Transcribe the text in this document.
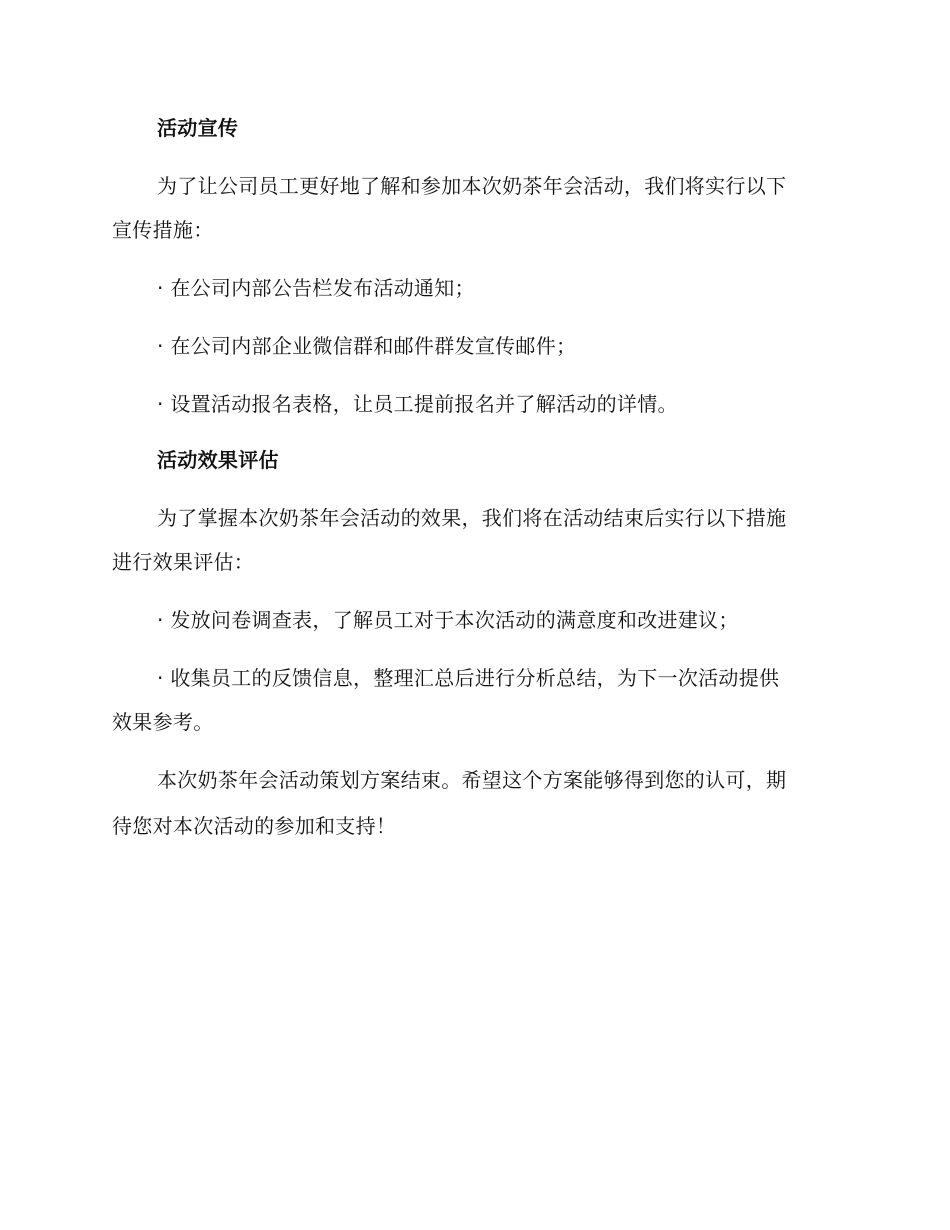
活动宣传
为了让公司员工更好地了解和参加本次奶茶年会活动，我们将实行以下
宣传措施：
· 在公司内部公告栏发布活动通知；
· 在公司内部企业微信群和邮件群发宣传邮件；
· 设置活动报名表格，让员工提前报名并了解活动的详情。
活动效果评估
为了掌握本次奶茶年会活动的效果，我们将在活动结束后实行以下措施
进行效果评估：
· 发放问卷调查表，了解员工对于本次活动的满意度和改进建议；
· 收集员工的反馈信息，整理汇总后进行分析总结，为下一次活动提供
效果参考。
本次奶茶年会活动策划方案结束。希望这个方案能够得到您的认可，期
待您对本次活动的参加和支持！
